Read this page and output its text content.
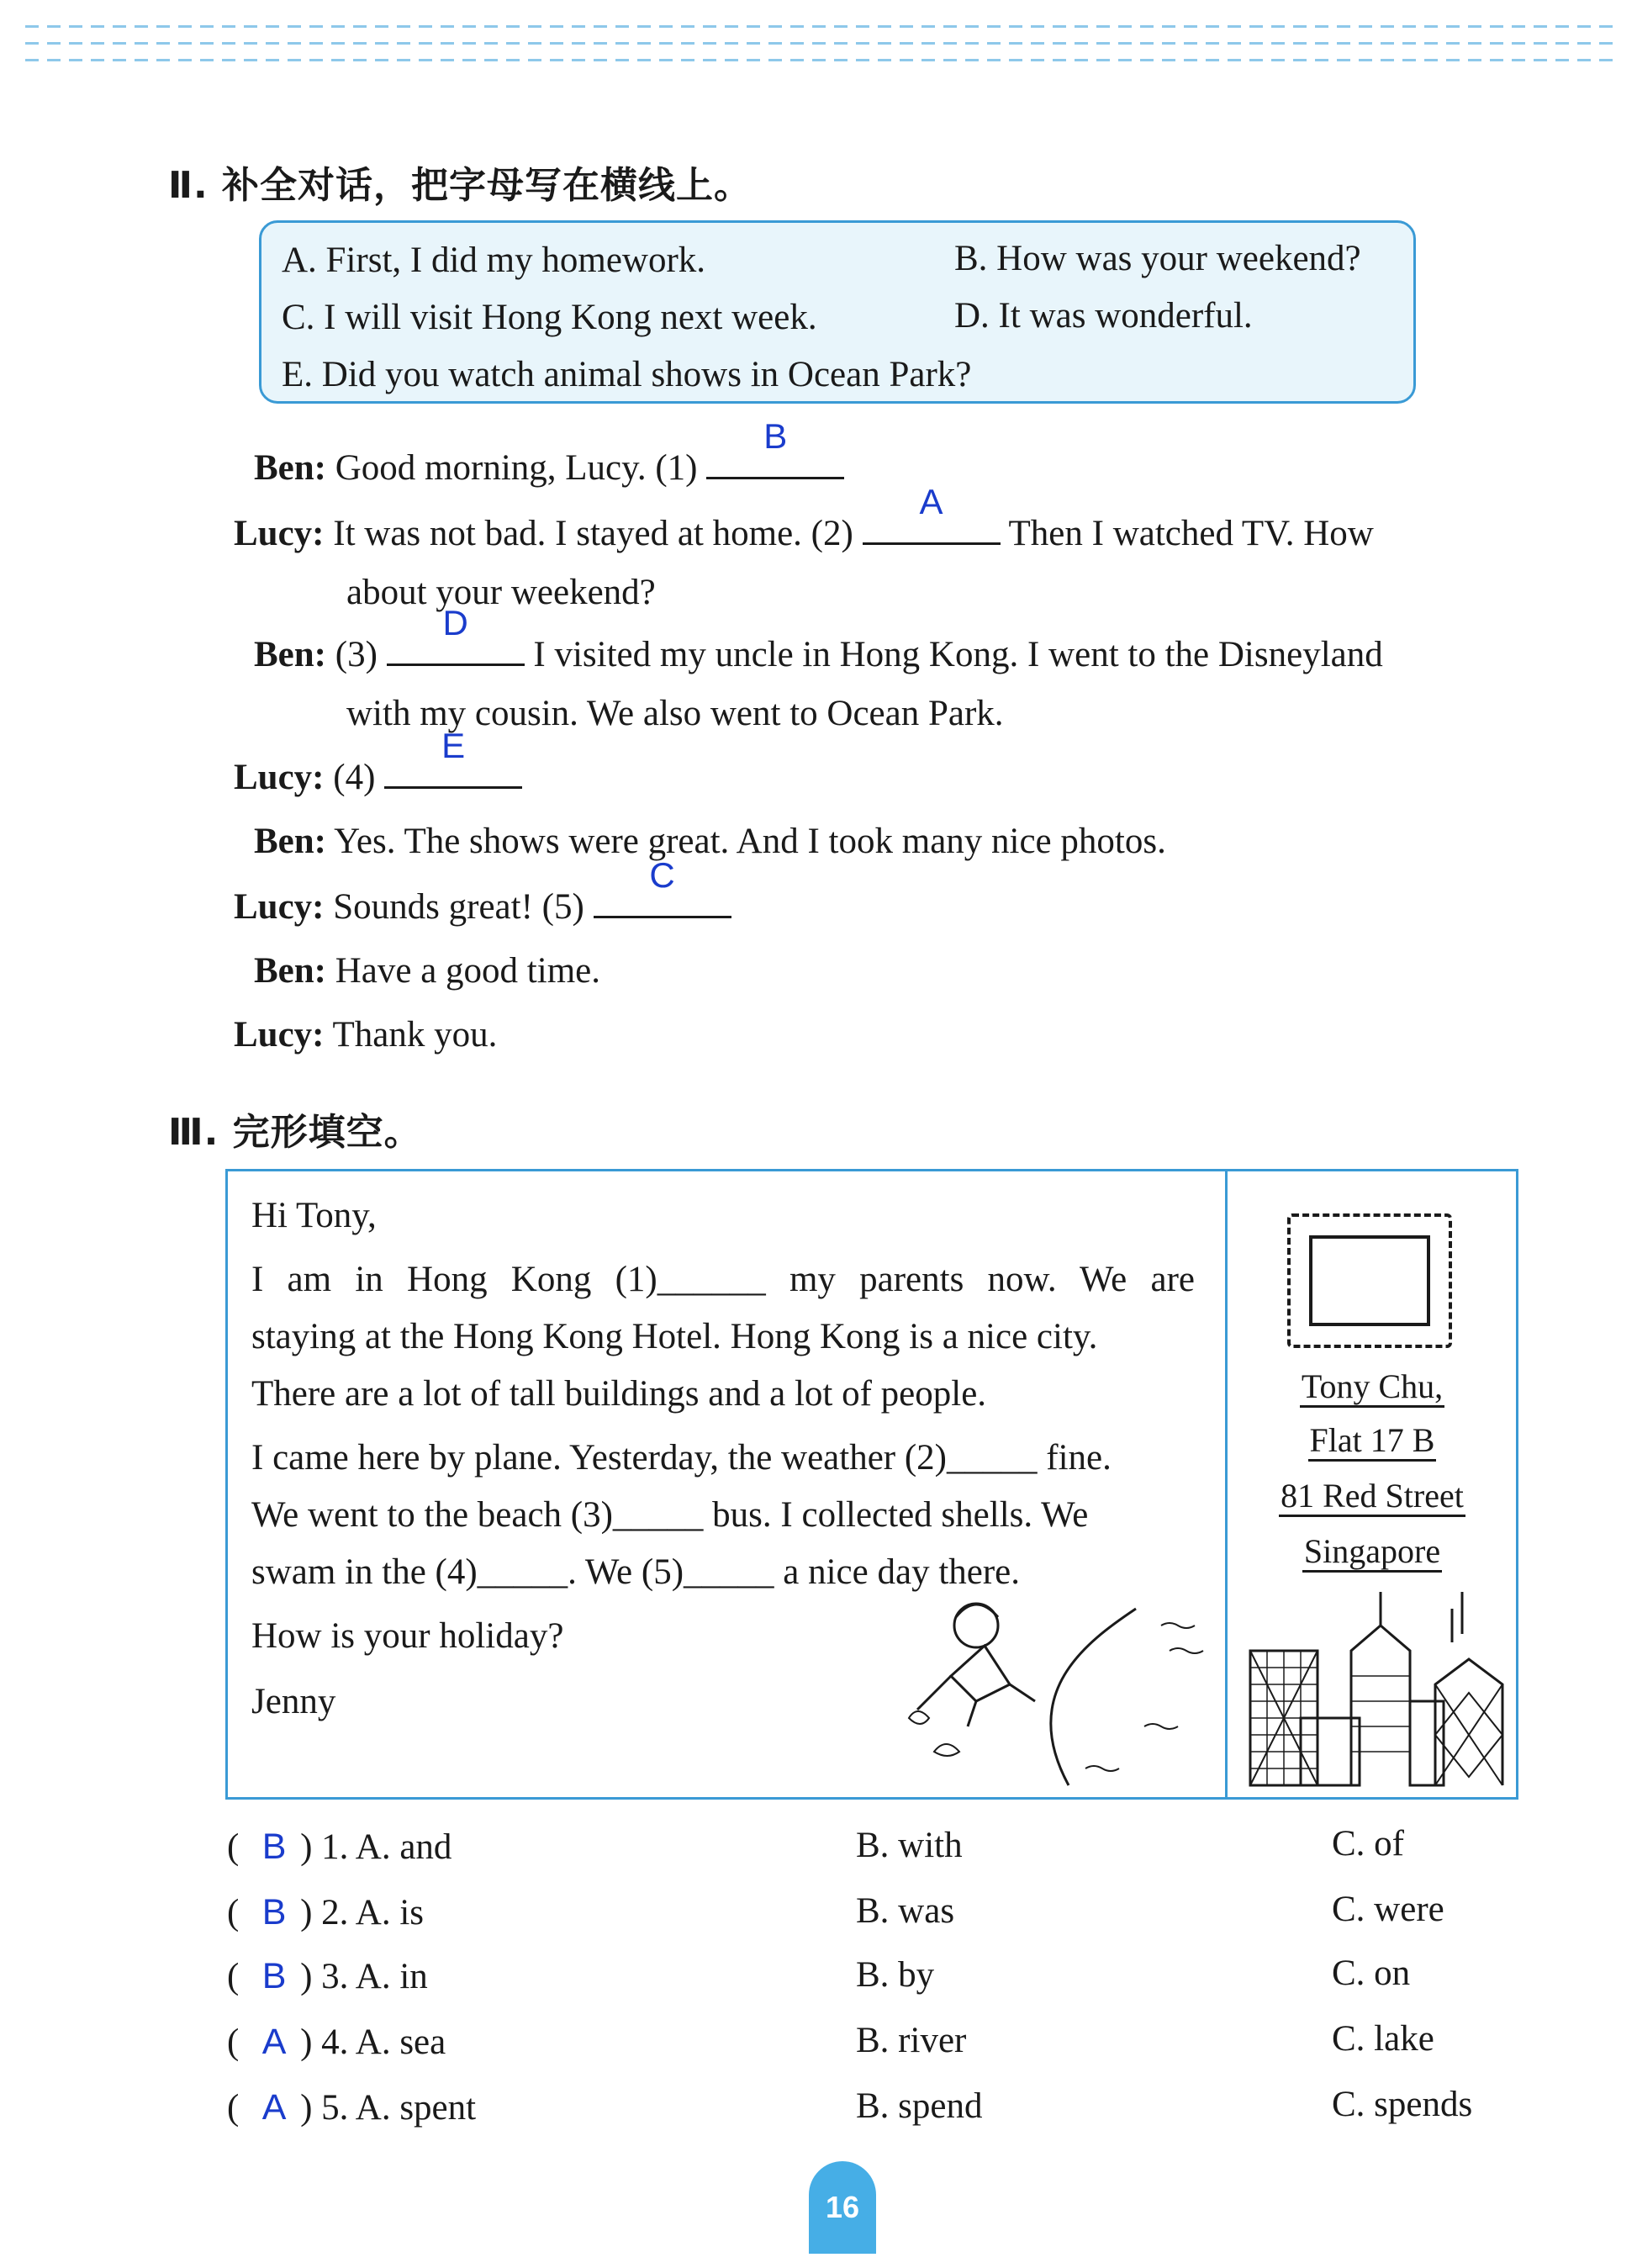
Ⅱ. 补全对话，把字母写在横线上。
A. First, I did my homework.	B. How was your weekend?
C. I will visit Hong Kong next week.	D. It was wonderful.
E. Did you watch animal shows in Ocean Park?
Ben: Good morning, Lucy. (1)
B
Lucy: It was not bad. I stayed at home. (2)
A
Then I watched TV. How
about your weekend?
Ben: (3)
D
I visited my uncle in Hong Kong. I went to the Disneyland
with my cousin. We also went to Ocean Park.
Lucy: (4)
E
Ben: Yes. The shows were great. And I took many nice photos.
Lucy: Sounds great! (5)
C
Ben: Have a good time.
Lucy: Thank you.
Ⅲ. 完形填空。
Hi Tony,
I am in Hong Kong (1)______ my parents now. We are
staying at the Hong Kong Hotel. Hong Kong is a nice city.
There are a lot of tall buildings and a lot of people.
I came here by plane. Yesterday, the weather (2)_____ fine.
We went to the beach (3)_____ bus. I collected shells. We
swam in the (4)_____. We (5)_____ a nice day there.
How is your holiday?
Jenny
Tony Chu,
Flat 17 B
81 Red Street
Singapore
( B ) 1. A. and	B. with	C. of
( B ) 2. A. is	B. was	C. were
( B ) 3. A. in	B. by	C. on
( A ) 4. A. sea	B. river	C. lake
( A ) 5. A. spent	B. spend	C. spends
16
